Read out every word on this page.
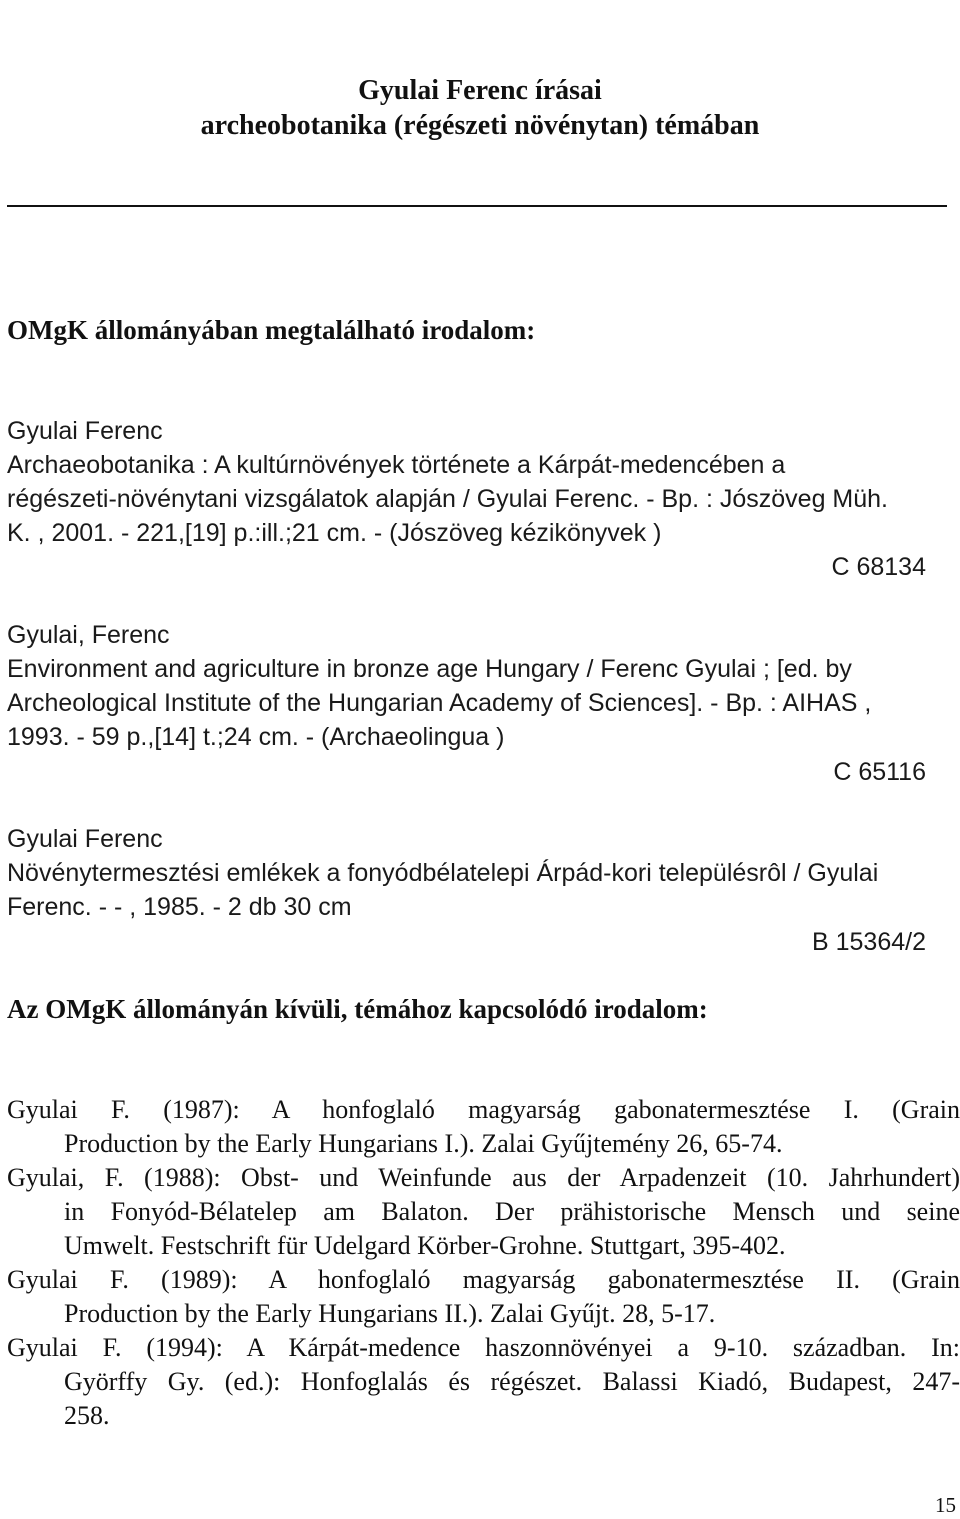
Gyulai Ferenc írásai
archeobotanika (régészeti növénytan) témában
OMgK állományában megtalálható irodalom:
Gyulai Ferenc
Archaeobotanika : A kultúrnövények története a Kárpát-medencében a
régészeti-növénytani vizsgálatok alapján / Gyulai Ferenc. - Bp. : Jószöveg Müh.
K. , 2001. - 221,[19] p.:ill.;21 cm. - (Jószöveg kézikönyvek )
C 68134
Gyulai, Ferenc
Environment and agriculture in bronze age Hungary / Ferenc Gyulai ; [ed. by
Archeological Institute of the Hungarian Academy of Sciences]. - Bp. : AIHAS ,
1993. - 59 p.,[14] t.;24 cm. - (Archaeolingua )
C 65116
Gyulai Ferenc
Növénytermesztési emlékek a fonyódbélatelepi Árpád-kori településrôl / Gyulai
Ferenc. - - , 1985. - 2 db 30 cm
B 15364/2
Az OMgK állományán kívüli, témához kapcsolódó irodalom:
Gyulai F. (1987): A honfoglaló magyarság gabonatermesztése I. (Grain
Production by the Early Hungarians I.). Zalai Gyűjtemény 26, 65-74.
Gyulai, F. (1988): Obst- und Weinfunde aus der Arpadenzeit (10. Jahrhundert)
in Fonyód-Bélatelep am Balaton. Der prähistorische Mensch und seine
Umwelt. Festschrift für Udelgard Körber-Grohne. Stuttgart, 395-402.
Gyulai F. (1989): A honfoglaló magyarság gabonatermesztése II. (Grain
Production by the Early Hungarians II.). Zalai Gyűjt. 28, 5-17.
Gyulai F. (1994): A Kárpát-medence haszonnövényei a 9-10. században. In:
Györffy Gy. (ed.): Honfoglalás és régészet. Balassi Kiadó, Budapest, 247-
258.
15
